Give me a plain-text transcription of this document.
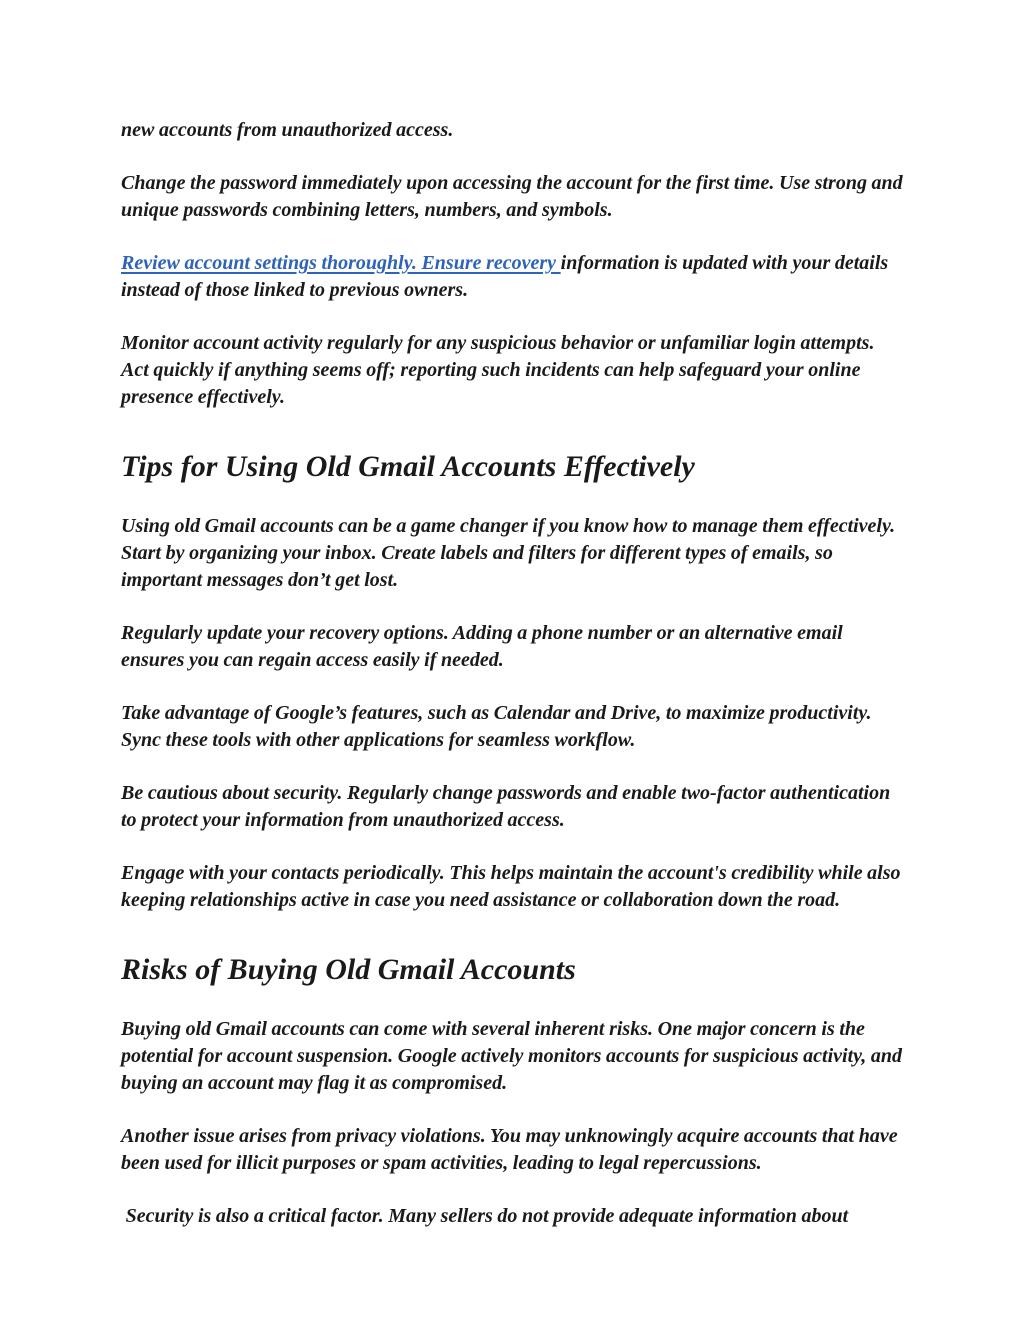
new accounts from unauthorized access.

Change the password immediately upon accessing the account for the first time. Use strong and unique passwords combining letters, numbers, and symbols.

Review account settings thoroughly. Ensure recovery information is updated with your details instead of those linked to previous owners.

Monitor account activity regularly for any suspicious behavior or unfamiliar login attempts. Act quickly if anything seems off; reporting such incidents can help safeguard your online presence effectively.

Tips for Using Old Gmail Accounts Effectively

Using old Gmail accounts can be a game changer if you know how to manage them effectively. Start by organizing your inbox. Create labels and filters for different types of emails, so important messages don’t get lost.

Regularly update your recovery options. Adding a phone number or an alternative email ensures you can regain access easily if needed.

Take advantage of Google’s features, such as Calendar and Drive, to maximize productivity. Sync these tools with other applications for seamless workflow.

Be cautious about security. Regularly change passwords and enable two-factor authentication to protect your information from unauthorized access.

Engage with your contacts periodically. This helps maintain the account's credibility while also keeping relationships active in case you need assistance or collaboration down the road.

Risks of Buying Old Gmail Accounts

Buying old Gmail accounts can come with several inherent risks. One major concern is the potential for account suspension. Google actively monitors accounts for suspicious activity, and buying an account may flag it as compromised.

Another issue arises from privacy violations. You may unknowingly acquire accounts that have been used for illicit purposes or spam activities, leading to legal repercussions.

Security is also a critical factor. Many sellers do not provide adequate information about
